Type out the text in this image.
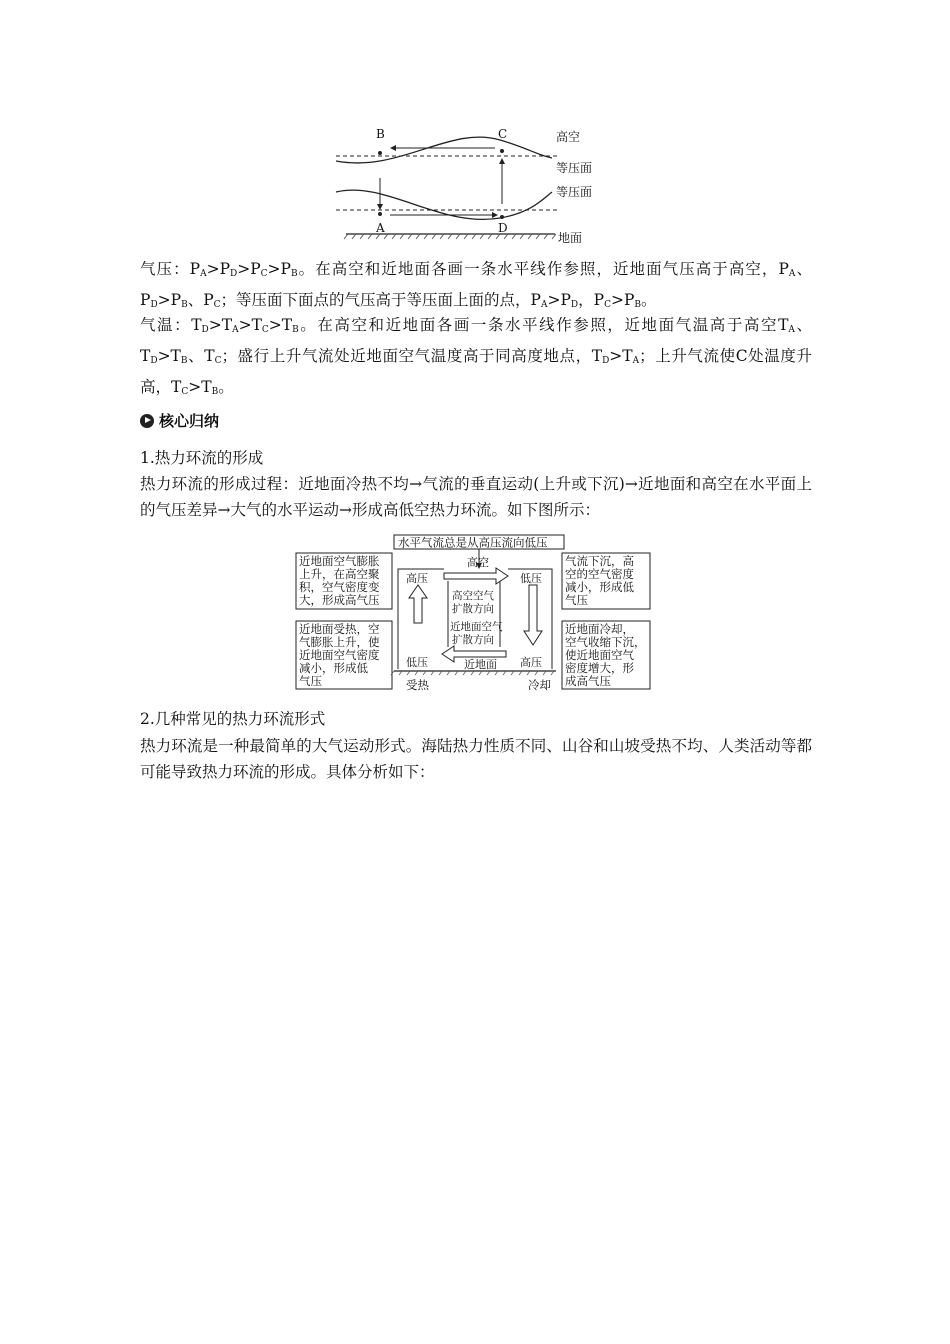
B	C
A	D
高空
等压面
等压面
地面

气压：$P_A>P_D>P_C>P_B$。在高空和近地面各画一条水平线作参照，近地面气压高于高空，$P_A$、$P_D>P_B$、$P_C$；等压面下面点的气压高于等压面上面的点，$P_A>P_D$，$P_C>P_B$。

气温：$T_D>T_A>T_C>T_B$。在高空和近地面各画一条水平线作参照，近地面气温高于高空$T_A$、$T_D>T_B$、$T_C$；盛行上升气流处近地面空气温度高于同高度地点，$T_D>T_A$；上升气流使C处温度升高，$T_C>T_B$。

核心归纳

1.热力环流的形成

热力环流的形成过程：近地面冷热不均→气流的垂直运动(上升或下沉)→近地面和高空在水平面上的气压差异→大气的水平运动→形成高低空热力环流。如下图所示：

水平气流总是从高压流向低压
近地面空气膨胀
上升，在高空聚
积，空气密度变
大，形成高气压
近地面受热，空
气膨胀上升，使
近地面空气密度
减小，形成低
气压
气流下沉，高
空的空气密度
减小，形成低
气压
近地面冷却，
空气收缩下沉，
使近地面空气
密度增大，形
成高气压
高压
低压
低压
高压
高空
高空空气
扩散方向
近地面空气
扩散方向
近地面
受热	冷却

2.几种常见的热力环流形式

热力环流是一种最简单的大气运动形式。海陆热力性质不同、山谷和山坡受热不均、人类活动等都可能导致热力环流的形成。具体分析如下：
